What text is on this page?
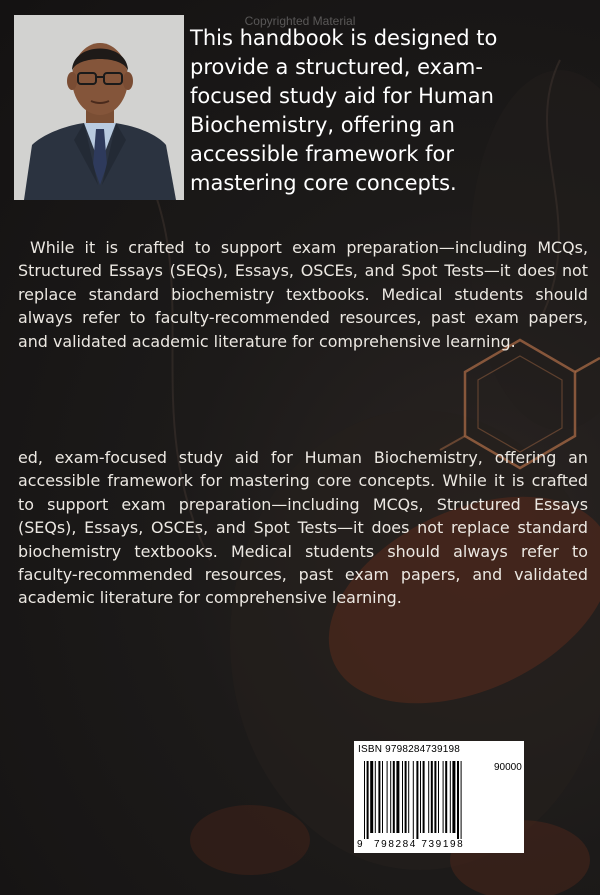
Copyrighted Material
This handbook is designed to provide a structured, exam-focused study aid for Human Biochemistry, offering an accessible framework for mastering core concepts.
While it is crafted to support exam preparation—including MCQs, Structured Essays (SEQs), Essays, OSCEs, and Spot Tests—it does not replace standard biochemistry textbooks. Medical students should always refer to faculty-recommended resources, past exam papers, and validated academic literature for comprehensive learning.
ed, exam-focused study aid for Human Biochemistry, offering an accessible framework for mastering core concepts. While it is crafted to support exam preparation—including MCQs, Structured Essays (SEQs), Essays, OSCEs, and Spot Tests—it does not replace standard biochemistry textbooks. Medical students should always refer to faculty-recommended resources, past exam papers, and validated academic literature for comprehensive learning.
ISBN 9798284739198
90000
9 798284 739198
